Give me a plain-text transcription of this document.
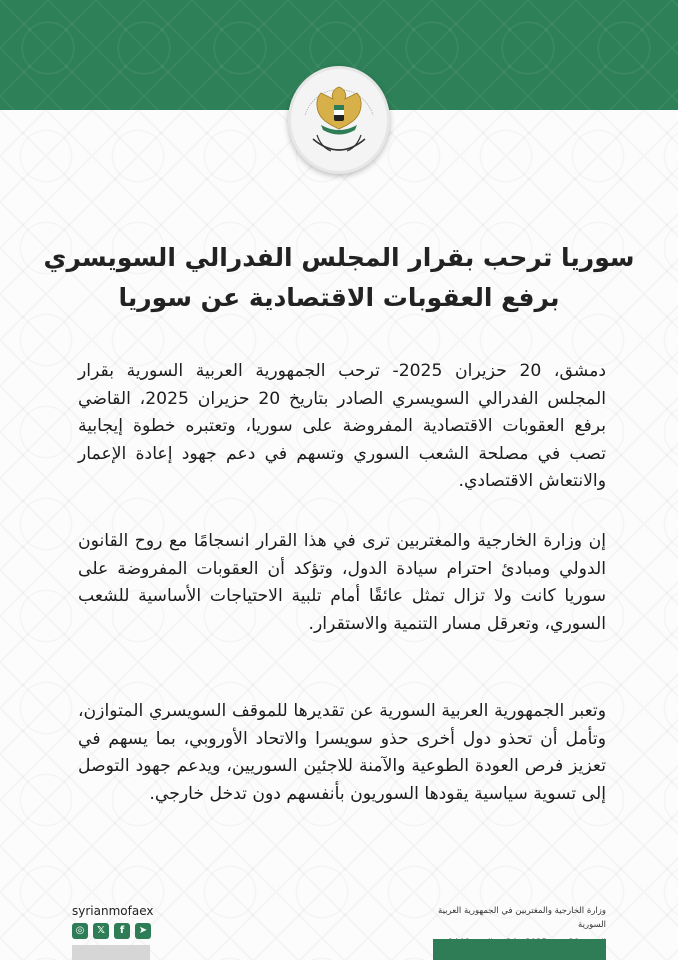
سوريا ترحب بقرار المجلس الفدرالي السويسري
برفع العقوبات الاقتصادية عن سوريا
دمشق، 20 حزيران 2025- ترحب الجمهورية العربية السورية بقرار المجلس الفدرالي السويسري الصادر بتاريخ 20 حزيران 2025، القاضي برفع العقوبات الاقتصادية المفروضة على سوريا، وتعتبره خطوة إيجابية تصب في مصلحة الشعب السوري وتسهم في دعم جهود إعادة الإعمار والانتعاش الاقتصادي.
إن وزارة الخارجية والمغتربين ترى في هذا القرار انسجامًا مع روح القانون الدولي ومبادئ احترام سيادة الدول، وتؤكد أن العقوبات المفروضة على سوريا كانت ولا تزال تمثل عائقًا أمام تلبية الاحتياجات الأساسية للشعب السوري، وتعرقل مسار التنمية والاستقرار.
وتعبر الجمهورية العربية السورية عن تقديرها للموقف السويسري المتوازن، وتأمل أن تحذو دول أخرى حذو سويسرا والاتحاد الأوروبي، بما يسهم في تعزيز فرص العودة الطوعية والآمنة للاجئين السوريين، ويدعم جهود التوصل إلى تسوية سياسية يقودها السوريون بأنفسهم دون تدخل خارجي.
syrianmofaex
◎	𝕏	f	➤
وزارة الخارجية والمغتربين في الجمهورية العربية السورية
